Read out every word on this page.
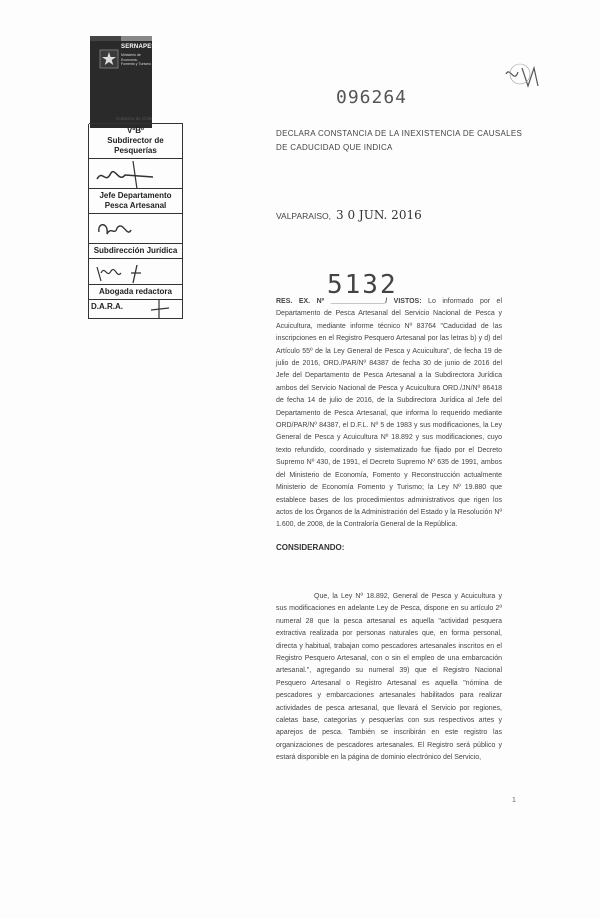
SERNAPESCA
Ministerio de Economía, Fomento y Turismo
Gobierno de Chile
VºBº
Subdirector de Pesquerías
Jefe Departamento Pesca Artesanal
Subdirección Jurídica
Abogada redactora
D.A.R.A.
096264
DECLARA CONSTANCIA DE LA INEXISTENCIA DE CAUSALES DE CADUCIDAD QUE INDICA
VALPARAISO, 3 0 JUN. 2016
5132
RES. EX. Nº ______________/ VISTOS: Lo informado por el Departamento de Pesca Artesanal del Servicio Nacional de Pesca y Acuicultura, mediante informe técnico Nº 83764 "Caducidad de las inscripciones en el Registro Pesquero Artesanal por las letras b) y d) del Artículo 55º de la Ley General de Pesca y Acuicultura", de fecha 19 de julio de 2016, ORD./PAR/Nº 84387 de fecha 30 de junio de 2016 del Jefe del Departamento de Pesca Artesanal a la Subdirectora Jurídica ambos del Servicio Nacional de Pesca y Acuicultura ORD./JN/Nº 86418 de fecha 14 de julio de 2016, de la Subdirectora Jurídica al Jefe del Departamento de Pesca Artesanal, que informa lo requerido mediante ORD/PAR/Nº 84387, el D.F.L. Nº 5 de 1983 y sus modificaciones, la Ley General de Pesca y Acuicultura Nº 18.892 y sus modificaciones, cuyo texto refundido, coordinado y sistematizado fue fijado por el Decreto Supremo Nº 430, de 1991, el Decreto Supremo Nº 635 de 1991, ambos del Ministerio de Economía, Fomento y Reconstrucción actualmente Ministerio de Economía Fomento y Turismo; la Ley Nº 19.880 que establece bases de los procedimientos administrativos que rigen los actos de los Órganos de la Administración del Estado y la Resolución Nº 1.600, de 2008, de la Contraloría General de la República.
CONSIDERANDO:
Que, la Ley Nº 18.892, General de Pesca y Acuicultura y sus modificaciones en adelante Ley de Pesca, dispone en su artículo 2º numeral 28 que la pesca artesanal es aquella "actividad pesquera extractiva realizada por personas naturales que, en forma personal, directa y habitual, trabajan como pescadores artesanales inscritos en el Registro Pesquero Artesanal, con o sin el empleo de una embarcación artesanal.", agregando su numeral 39) que el Registro Nacional Pesquero Artesanal o Registro Artesanal es aquella "nómina de pescadores y embarcaciones artesanales habilitados para realizar actividades de pesca artesanal, que llevará el Servicio por regiones, caletas base, categorías y pesquerías con sus respectivos artes y aparejos de pesca. También se inscribirán en este registro las organizaciones de pescadores artesanales. El Registro será público y estará disponible en la página de dominio electrónico del Servicio,
1
